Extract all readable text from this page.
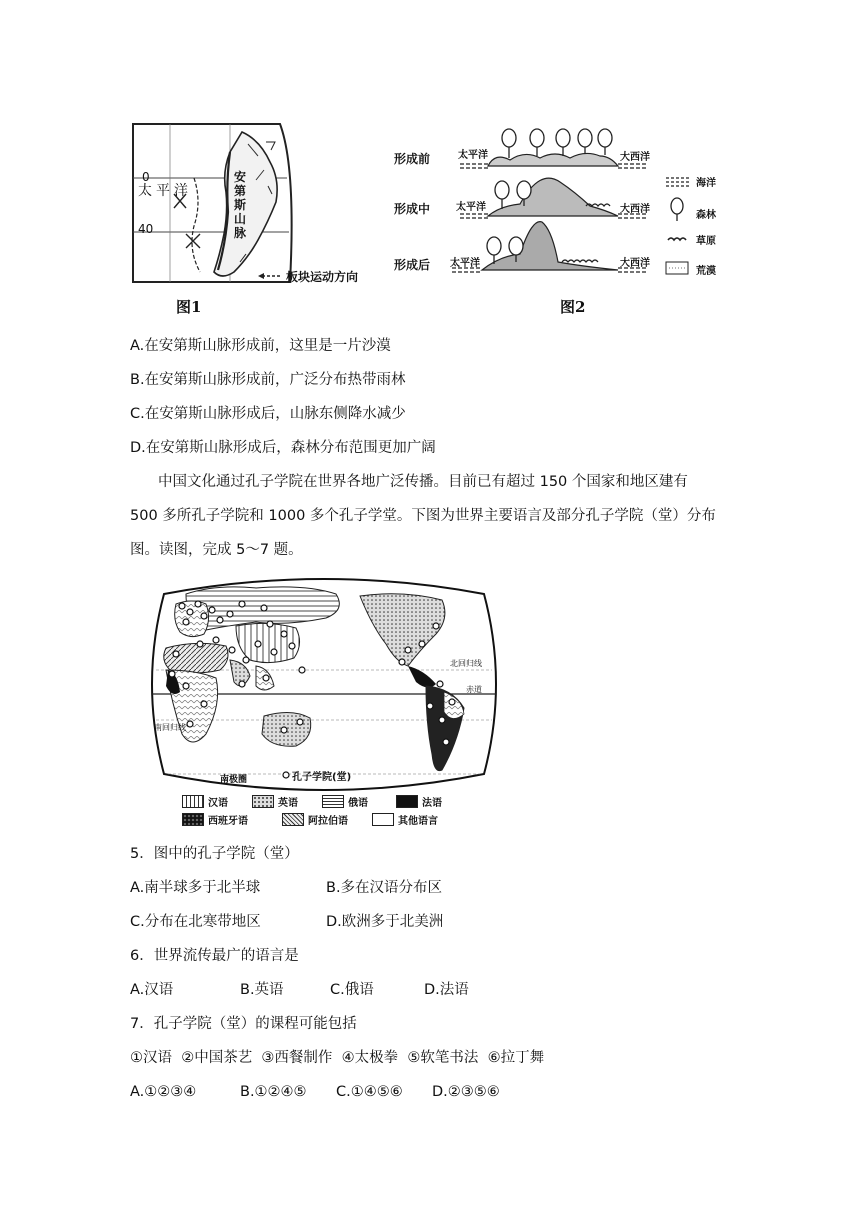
0
40
太平洋
安
第
斯
山
脉
板块运动方向
图1
形成前
形成中
形成后
太平洋	大西洋
太平洋	大西洋
太平洋	大西洋
海洋
森林
草原
荒漠
图2
A.在安第斯山脉形成前，这里是一片沙漠
B.在安第斯山脉形成前，广泛分布热带雨林
C.在安第斯山脉形成后，山脉东侧降水减少
D.在安第斯山脉形成后，森林分布范围更加广阔
中国文化通过孔子学院在世界各地广泛传播。目前已有超过 150 个国家和地区建有
500 多所孔子学院和 1000 多个孔子学堂。下图为世界主要语言及部分孔子学院（堂）分布
图。读图，完成 5～7 题。
北回归线
赤道
南回归线
南极圈	孔子学院(堂)
汉语	英语	俄语	法语
西班牙语	阿拉伯语	其他语言
5．图中的孔子学院（堂）
A.南半球多于北半球	B.多在汉语分布区
C.分布在北寒带地区	D.欧洲多于北美洲
6．世界流传最广的语言是
A.汉语	B.英语	C.俄语	D.法语
7．孔子学院（堂）的课程可能包括
①汉语  ②中国茶艺  ③西餐制作  ④太极拳  ⑤软笔书法  ⑥拉丁舞
A.①②③④	B.①②④⑤ C.①④⑤⑥ D.②③⑤⑥
